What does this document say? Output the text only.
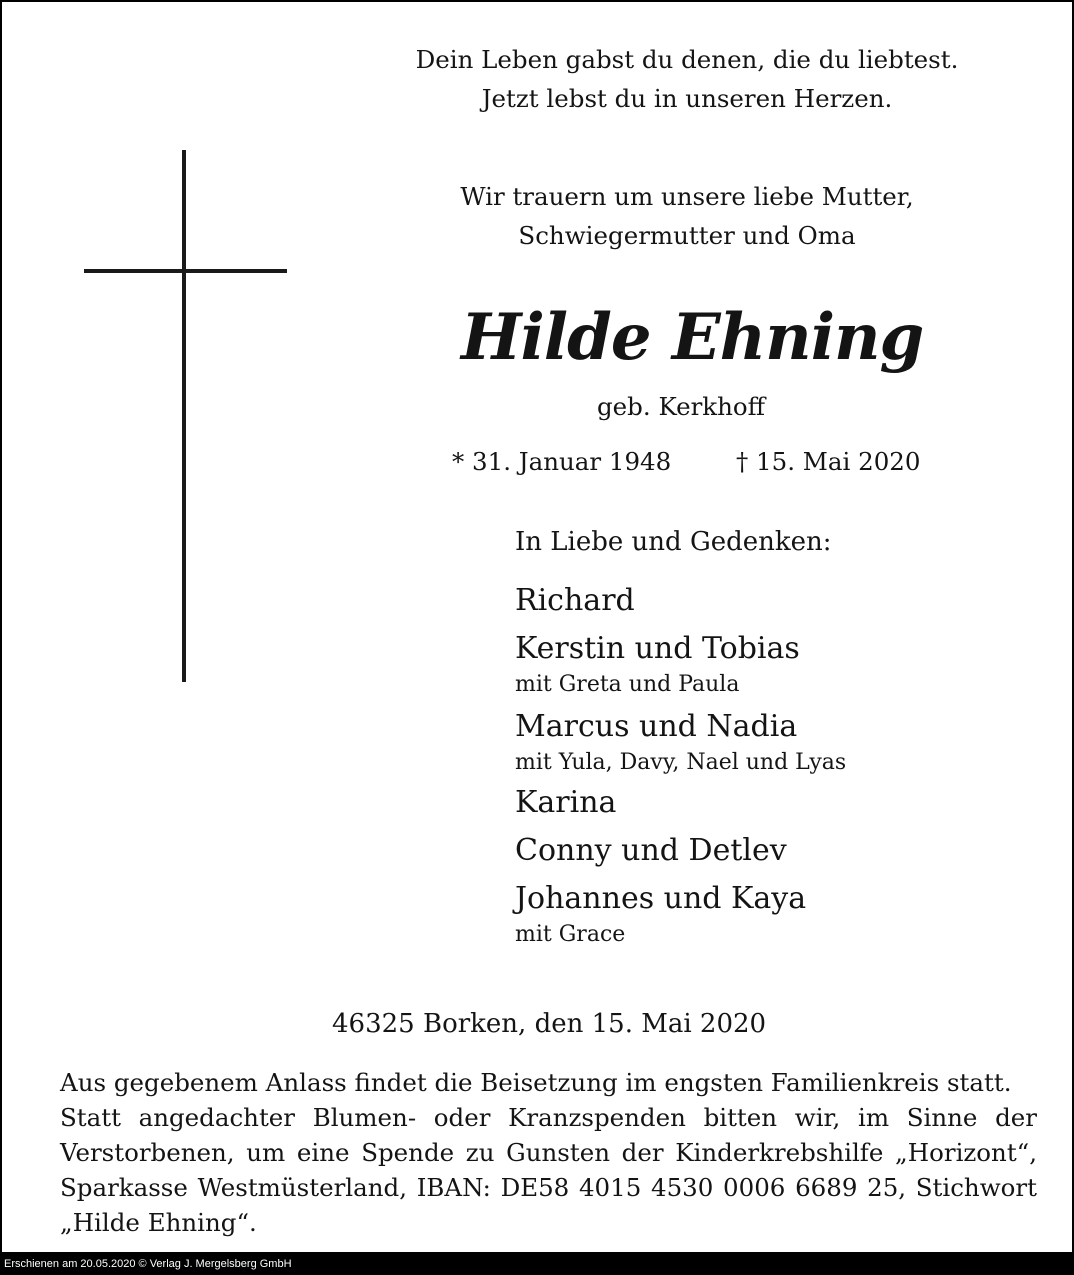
Dein Leben gabst du denen, die du liebtest.
Jetzt lebst du in unseren Herzen.
Wir trauern um unsere liebe Mutter,
Schwiegermutter und Oma
Hilde Ehning
geb. Kerkhoff
* 31. Januar 1948	† 15. Mai 2020
In Liebe und Gedenken:
Richard
Kerstin und Tobias
mit Greta und Paula
Marcus und Nadia
mit Yula, Davy, Nael und Lyas
Karina
Conny und Detlev
Johannes und Kaya
mit Grace
46325 Borken, den 15. Mai 2020

Aus gegebenem Anlass findet die Beisetzung im engsten Familienkreis statt.

Statt angedachter Blumen- oder Kranzspenden bitten wir, im Sinne der Verstorbenen, um eine Spende zu Gunsten der Kinderkrebshilfe „Horizont“, Sparkasse Westmüsterland, IBAN: DE58 4015 4530 0006 6689 25, Stichwort „Hilde Ehning“.

Erschienen am 20.05.2020 © Verlag J. Mergelsberg GmbH
